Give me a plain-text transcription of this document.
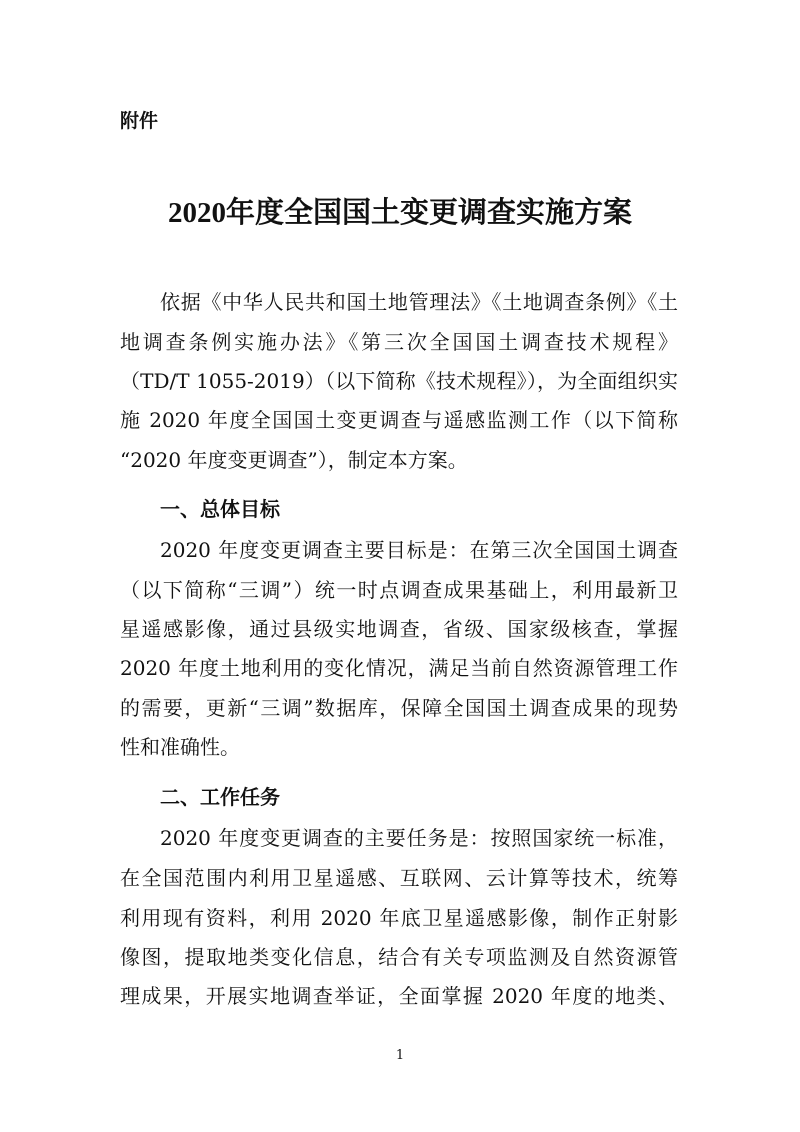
附件
2020年度全国国土变更调查实施方案
依据《中华人民共和国土地管理法》《土地调查条例》《土
地调查条例实施办法》《第三次全国国土调查技术规程》
（TD/T 1055-2019）（以下简称《技术规程》），为全面组织实
施 2020 年度全国国土变更调查与遥感监测工作（以下简称
“2020 年度变更调查”），制定本方案。
一、总体目标
2020 年度变更调查主要目标是：在第三次全国国土调查
（以下简称“三调”）统一时点调查成果基础上，利用最新卫
星遥感影像，通过县级实地调查，省级、国家级核查，掌握
2020 年度土地利用的变化情况，满足当前自然资源管理工作
的需要，更新“三调”数据库，保障全国国土调查成果的现势
性和准确性。
二、工作任务
2020 年度变更调查的主要任务是：按照国家统一标准，
在全国范围内利用卫星遥感、互联网、云计算等技术，统筹
利用现有资料，利用 2020 年底卫星遥感影像，制作正射影
像图，提取地类变化信息，结合有关专项监测及自然资源管
理成果，开展实地调查举证，全面掌握 2020 年度的地类、
1
